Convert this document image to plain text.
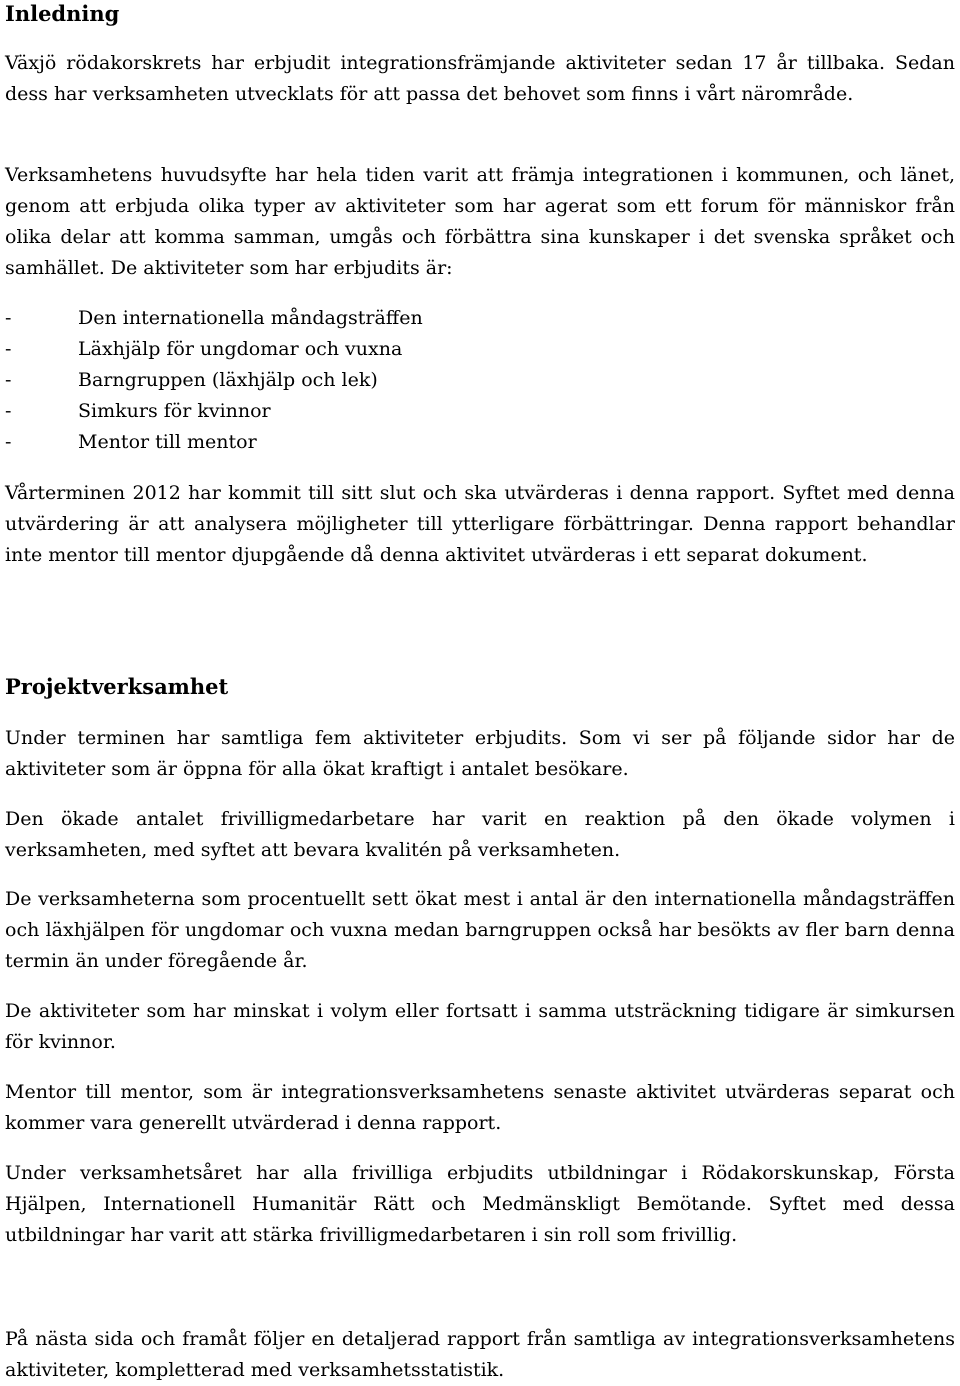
Inledning

Växjö rödakorskrets har erbjudit integrationsfrämjande aktiviteter sedan 17 år tillbaka. Sedan dess har verksamheten utvecklats för att passa det behovet som finns i vårt närområde.

Verksamhetens huvudsyfte har hela tiden varit att främja integrationen i kommunen, och länet, genom att erbjuda olika typer av aktiviteter som har agerat som ett forum för människor från olika delar att komma samman, umgås och förbättra sina kunskaper i det svenska språket och samhället. De aktiviteter som har erbjudits är:

-	Den internationella måndagsträffen
-	Läxhjälp för ungdomar och vuxna
-	Barngruppen (läxhjälp och lek)
-	Simkurs för kvinnor
-	Mentor till mentor

Vårterminen 2012 har kommit till sitt slut och ska utvärderas i denna rapport. Syftet med denna utvärdering är att analysera möjligheter till ytterligare förbättringar. Denna rapport behandlar inte mentor till mentor djupgående då denna aktivitet utvärderas i ett separat dokument.

Projektverksamhet

Under terminen har samtliga fem aktiviteter erbjudits. Som vi ser på följande sidor har de aktiviteter som är öppna för alla ökat kraftigt i antalet besökare.

Den ökade antalet frivilligmedarbetare har varit en reaktion på den ökade volymen i verksamheten, med syftet att bevara kvalitén på verksamheten.

De verksamheterna som procentuellt sett ökat mest i antal är den internationella måndagsträffen och läxhjälpen för ungdomar och vuxna medan barngruppen också har besökts av fler barn denna termin än under föregående år.

De aktiviteter som har minskat i volym eller fortsatt i samma utsträckning tidigare är simkursen för kvinnor.

Mentor till mentor, som är integrationsverksamhetens senaste aktivitet utvärderas separat och kommer vara generellt utvärderad i denna rapport.

Under verksamhetsåret har alla frivilliga erbjudits utbildningar i Rödakorskunskap, Första Hjälpen, Internationell Humanitär Rätt och Medmänskligt Bemötande. Syftet med dessa utbildningar har varit att stärka frivilligmedarbetaren i sin roll som frivillig.

På nästa sida och framåt följer en detaljerad rapport från samtliga av integrationsverksamhetens aktiviteter, kompletterad med verksamhetsstatistik.
